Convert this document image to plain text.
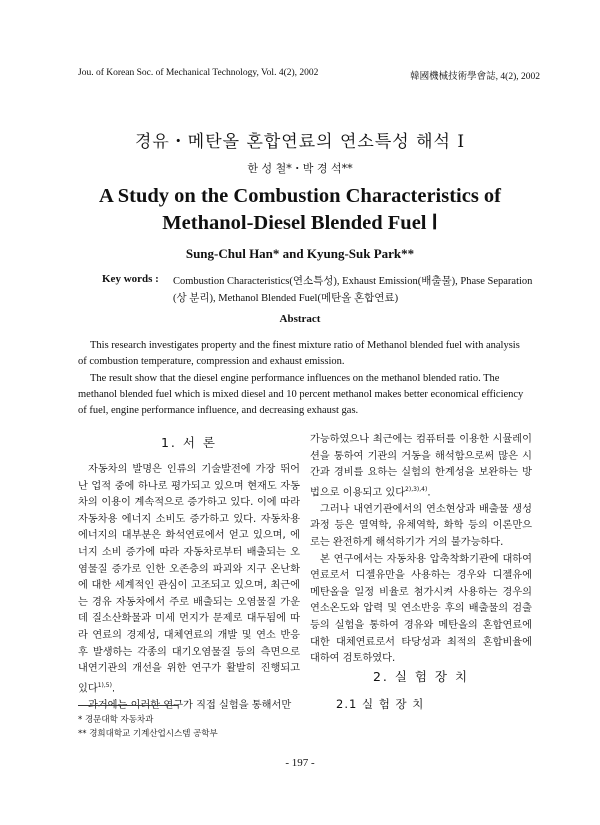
Jou. of Korean Soc. of Mechanical Technology, Vol. 4(2), 2002	韓國機械技術學會誌, 4(2), 2002
경유・메탄올 혼합연료의 연소특성 해석 Ⅰ
한 성 철*・박 경 석**
A Study on the Combustion Characteristics of
Methanol-Diesel Blended Fuel Ⅰ
Sung-Chul Han* and Kyung-Suk Park**
Key words : Combustion Characteristics(연소특성), Exhaust Emission(배출물), Phase Separation (상 분리), Methanol Blended Fuel(메탄올 혼합연료)
Abstract

This research investigates property and the finest mixture ratio of Methanol blended fuel with analysis of combustion temperature, compression and exhaust emission.

The result show that the diesel engine performance influences on the methanol blended ratio. The methanol blended fuel which is mixed diesel and 10 percent methanol makes better economical efficiency of fuel, engine performance influence, and decreasing exhaust gas.

1. 서 론

자동차의 발명은 인류의 기술발전에 가장 뛰어난 업적 중에 하나로 평가되고 있으며 현재도 자동차의 이용이 계속적으로 증가하고 있다. 이에 따라 자동차용 에너지 소비도 증가하고 있다. 자동차용 에너지의 대부분은 화석연료에서 얻고 있으며, 에너지 소비 증가에 따라 자동차로부터 배출되는 오염물질 증가로 인한 오존층의 파괴와 지구 온난화에 대한 세계적인 관심이 고조되고 있으며, 최근에는 경유 자동차에서 주로 배출되는 오염물질 가운데 질소산화물과 미세 먼지가 문제로 대두됨에 따라 연료의 경제성, 대체연료의 개발 및 연소 반응 후 발생하는 각종의 대기오염물질 등의 측면으로 내연기관의 개선을 위한 연구가 활발히 진행되고 있다$^{1),5)}$.

과거에는 이러한 연구가 직접 실험을 통해서만

* 경문대학 자동차과
** 경희대학교 기계산업시스템 공학부

가능하였으나 최근에는 컴퓨터를 이용한 시뮬레이션을 통하여 기관의 거동을 해석함으로써 많은 시간과 경비를 요하는 실험의 한계성을 보완하는 방법으로 이용되고 있다$^{2),3),4)}$.

그러나 내연기관에서의 연소현상과 배출물 생성과정 등은 열역학, 유체역학, 화학 등의 이론만으로는 완전하게 해석하기가 거의 불가능하다.

본 연구에서는 자동차용 압축착화기관에 대하여 연료로서 디젤유만을 사용하는 경우와 디젤유에 메탄올을 일정 비율로 첨가시켜 사용하는 경우의 연소온도와 압력 및 연소반응 후의 배출물의 검출 등의 실험을 통하여 경유와 메탄올의 혼합연료에 대한 대체연료로서 타당성과 최적의 혼합비율에 대하여 검토하였다.

2. 실 험 장 치
2.1 실 험 장 치
- 197 -
